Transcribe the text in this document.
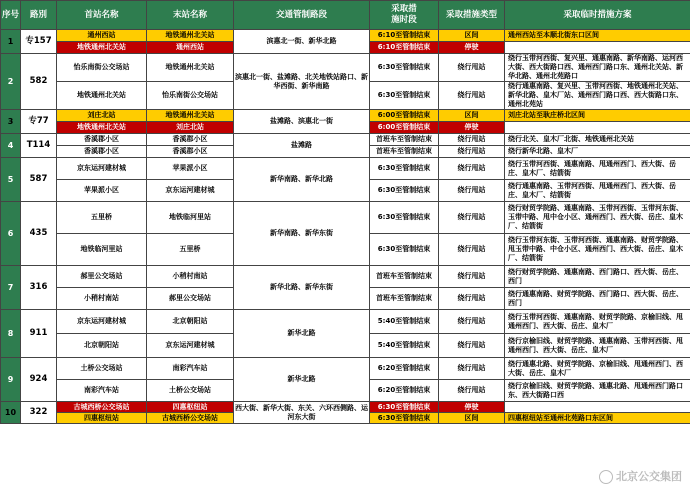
序号	路別	首站名称	末站名称	交通管制路段	采取措
施时段	采取措施类型	采取临时措施方案
1	专157	通州西站	地铁通州北关站	滨惠北一街、新华北路	6:10至管制结束	区间	通州西站至本顺北街东口区间
		地铁通州北关站	通州西站		6:10至管制结束	停驶	
2	582	怡乐南街公交场站	地铁通州北关站	滨惠北一街、盐滩路、北关地铁站路口、新华西街、新华南路	6:30至管制结束	绕行甩站	绕行玉带河西街、复兴里、通惠南路、新华南路、运河西大街、西大街路口西、通州西门路口东、通州北关站、新华北路、通州北苑路口
		地铁通州北关站	怡乐南街公交场站		6:30至管制结束	绕行甩站	绕行通惠南路、复兴里、玉带河西街、地铁通州北关站、新华北路、皇木厂站、通州西门路口西、西大街路口东、通州北苑站
3	专77	刘庄北站	地铁通州北关站	盐滩路、滨惠北一街	6:00至管制结束	区间	刘庄北站至耿庄桥北区间
		地铁通州北关站	刘庄北站		6:00至管制结束	停驶	
4	T114	香溪郡小区	香溪郡小区	盐滩路	首班车至管制结束	绕行甩站	绕行北关、皇木厂北街、地铁通州北关站
		香溪郡小区	香溪郡小区		首班车至管制结束	绕行甩站	绕行新华北路、皇木厂
5	587	京东运河建材城	苹果派小区	新华南路、新华北路	6:30至管制结束	绕行甩站	绕行玉带河西街、通惠南路、甩通州西门、西大街、岳庄、皇木厂、结箭街
		苹果派小区	京东运河建材城		6:30至管制结束	绕行甩站	绕行通惠南路、玉带河西街、甩通州西门、西大街、岳庄、皇木厂、结箭街
6	435	五里桥	地铁临河里站	新华南路、新华东街	6:30至管制结束	绕行甩站	绕行财贸学院路、通惠南路、玉带河西街、玉带河东街、玉带中路、甩中仓小区、通州西门、西大街、岳庄、皇木厂、结箭街
		地铁临河里站	五里桥		6:30至管制结束	绕行甩站	绕行玉带河东街、玉带河西街、通惠南路、财贸学院路、甩玉带中路、中仓小区、通州西门、西大街、岳庄、皇木厂、结箭街
7	316	郝里公交场站	小稍村南站	新华北路、新华东街	首班车至管制结束	绕行甩站	绕行财贸学院路、通惠南路、西门路口、西大街、岳庄、西门
		小稍村南站	郝里公交场站		首班车至管制结束	绕行甩站	绕行通惠南路、财贸学院路、西门路口、西大街、岳庄、西门
8	911	京东运河建材城	北京朝阳站	新华北路	5:40至管制结束	绕行甩站	绕行玉带河西街、通惠南路、财贸学院路、京榆旧线、甩通州西门、西大街、岳庄、皇木厂
		北京朝阳站	京东运河建材城		5:40至管制结束	绕行甩站	绕行京榆旧线、财贸学院路、通惠南路、玉带河西街、甩通州西门、西大街、岳庄、皇木厂
9	924	土桥公交场站	南彩汽车站	新华北路	6:20至管制结束	绕行甩站	绕行通惠北路、财贸学院路、京榆旧线、甩通州西门、西大街、岳庄、皇木厂
		南彩汽车站	土桥公交场站		6:20至管制结束	绕行甩站	绕行京榆旧线、财贸学院路、通惠北路、甩通州西门路口东、西大街路口西
10	322	古城西桥公交场站	四惠枢纽站	西大街、新华大街、东关、六环西侧路、运河东大街	6:30至管制结束	停驶	
		四惠枢纽站	古城西桥公交场站		6:30至管制结束	区间	四惠枢纽站至通州北苑路口东区间
北京公交集团
